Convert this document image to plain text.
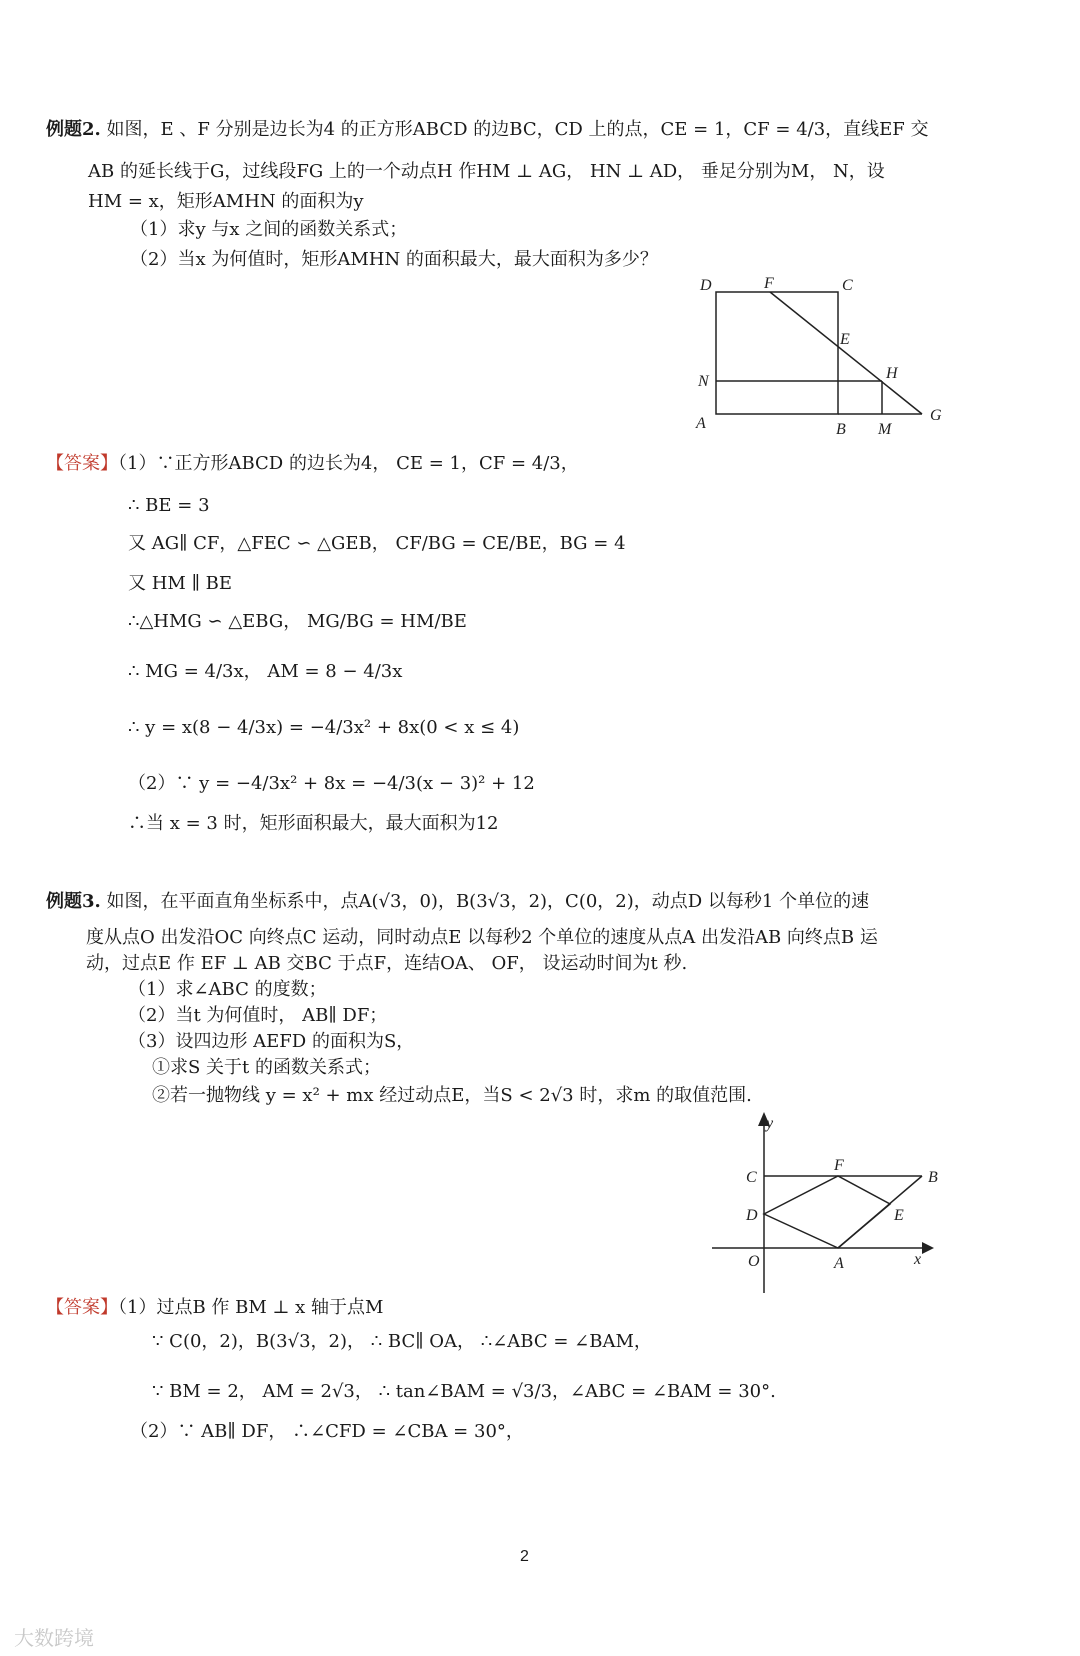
例题2. 如图，E 、F 分别是边长为4 的正方形ABCD 的边BC，CD 上的点，CE = 1，CF = 4/3，直线EF 交
AB 的延长线于G，过线段FG 上的一个动点H 作HM ⊥ AG， HN ⊥ AD， 垂足分别为M， N，设
HM = x，矩形AMHN 的面积为y
（1）求y 与x 之间的函数关系式；
（2）当x 为何值时，矩形AMHN 的面积最大，最大面积为多少？
D	F	C
E
N	H
A	B M
G
【答案】（1）∵正方形ABCD 的边长为4， CE = 1，CF = 4/3，
∴ BE = 3
又 AG∥ CF，△FEC ∽ △GEB， CF/BG = CE/BE，BG = 4
又 HM ∥ BE
∴△HMG ∽ △EBG， MG/BG = HM/BE
∴ MG = 4/3x， AM = 8 − 4/3x
∴ y = x(8 − 4/3x) = −4/3x² + 8x(0 < x ≤ 4)
（2）∵ y = −4/3x² + 8x = −4/3(x − 3)² + 12
∴当 x = 3 时，矩形面积最大，最大面积为12
例题3. 如图，在平面直角坐标系中，点A(√3，0)，B(3√3，2)，C(0，2)，动点D 以每秒1 个单位的速
度从点O 出发沿OC 向终点C 运动，同时动点E 以每秒2 个单位的速度从点A 出发沿AB 向终点B 运
动，过点E 作 EF ⊥ AB 交BC 于点F，连结OA、 OF， 设运动时间为t 秒.
（1）求∠ABC 的度数；
（2）当t 为何值时， AB∥ DF；
（3）设四边形 AEFD 的面积为S，
①求S 关于t 的函数关系式；
②若一抛物线 y = x² + mx 经过动点E，当S < 2√3 时，求m 的取值范围.
y
x
C
F
B
D	E
O	A
【答案】（1）过点B 作 BM ⊥ x 轴于点M
∵ C(0，2)，B(3√3，2)， ∴ BC∥ OA， ∴∠ABC = ∠BAM，
∵ BM = 2， AM = 2√3， ∴ tan∠BAM = √3/3，∠ABC = ∠BAM = 30°.
（2）∵ AB∥ DF， ∴∠CFD = ∠CBA = 30°，
2
大数跨境
